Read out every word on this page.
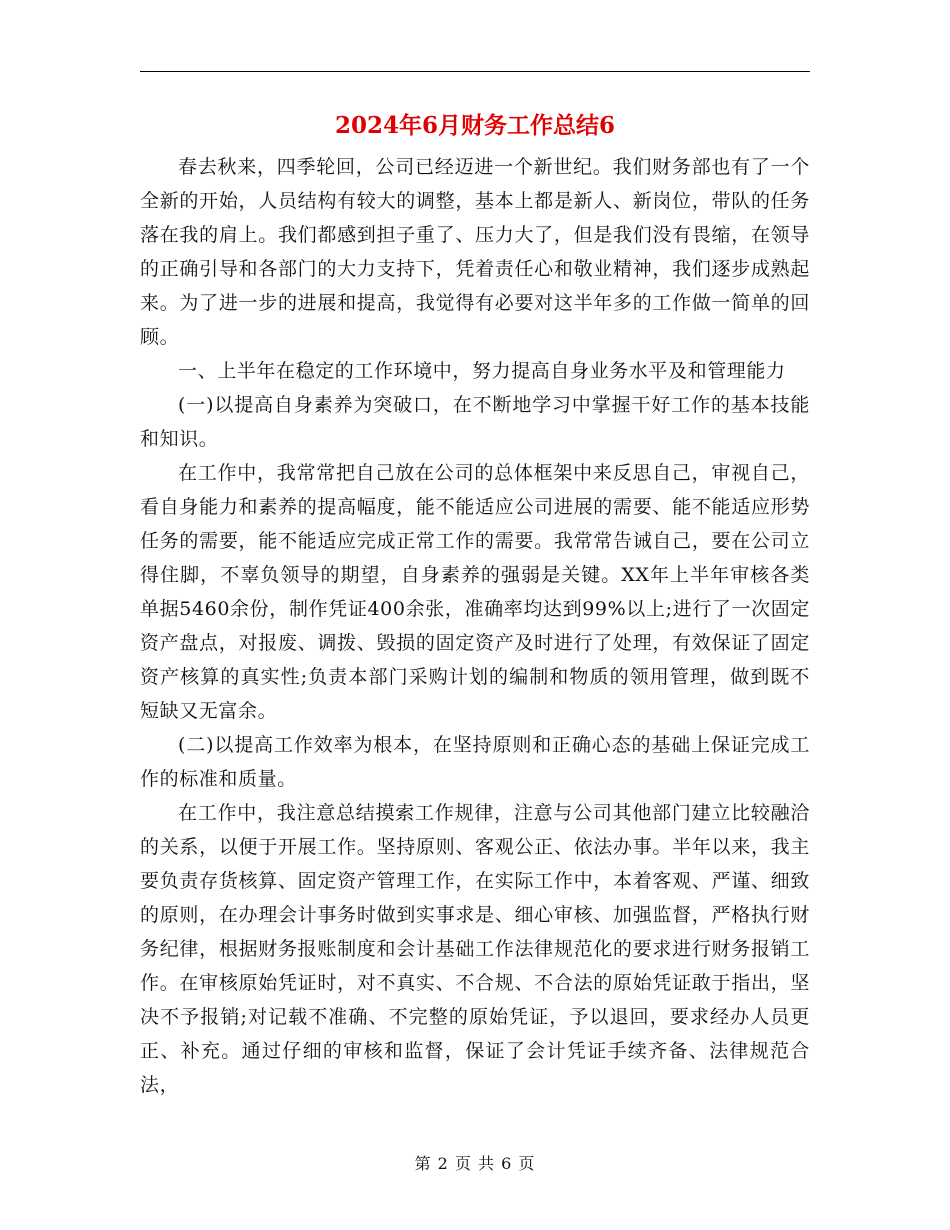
2024年6月财务工作总结6

春去秋来，四季轮回，公司已经迈进一个新世纪。我们财务部也有了一个全新的开始，人员结构有较大的调整，基本上都是新人、新岗位，带队的任务落在我的肩上。我们都感到担子重了、压力大了，但是我们没有畏缩，在领导的正确引导和各部门的大力支持下，凭着责任心和敬业精神，我们逐步成熟起来。为了进一步的进展和提高，我觉得有必要对这半年多的工作做一简单的回顾。

一、上半年在稳定的工作环境中，努力提高自身业务水平及和管理能力

(一)以提高自身素养为突破口，在不断地学习中掌握干好工作的基本技能和知识。

在工作中，我常常把自己放在公司的总体框架中来反思自己，审视自己，看自身能力和素养的提高幅度，能不能适应公司进展的需要、能不能适应形势任务的需要，能不能适应完成正常工作的需要。我常常告诫自己，要在公司立得住脚，不辜负领导的期望，自身素养的强弱是关键。XX年上半年审核各类单据5460余份，制作凭证400余张，准确率均达到99%以上;进行了一次固定资产盘点，对报废、调拨、毁损的固定资产及时进行了处理，有效保证了固定资产核算的真实性;负责本部门采购计划的编制和物质的领用管理，做到既不短缺又无富余。

(二)以提高工作效率为根本，在坚持原则和正确心态的基础上保证完成工作的标准和质量。

在工作中，我注意总结摸索工作规律，注意与公司其他部门建立比较融洽的关系，以便于开展工作。坚持原则、客观公正、依法办事。半年以来，我主要负责存货核算、固定资产管理工作，在实际工作中，本着客观、严谨、细致的原则，在办理会计事务时做到实事求是、细心审核、加强监督，严格执行财务纪律，根据财务报账制度和会计基础工作法律规范化的要求进行财务报销工作。在审核原始凭证时，对不真实、不合规、不合法的原始凭证敢于指出，坚决不予报销;对记载不准确、不完整的原始凭证，予以退回，要求经办人员更正、补充。通过仔细的审核和监督，保证了会计凭证手续齐备、法律规范合法，

第 2 页 共 6 页
